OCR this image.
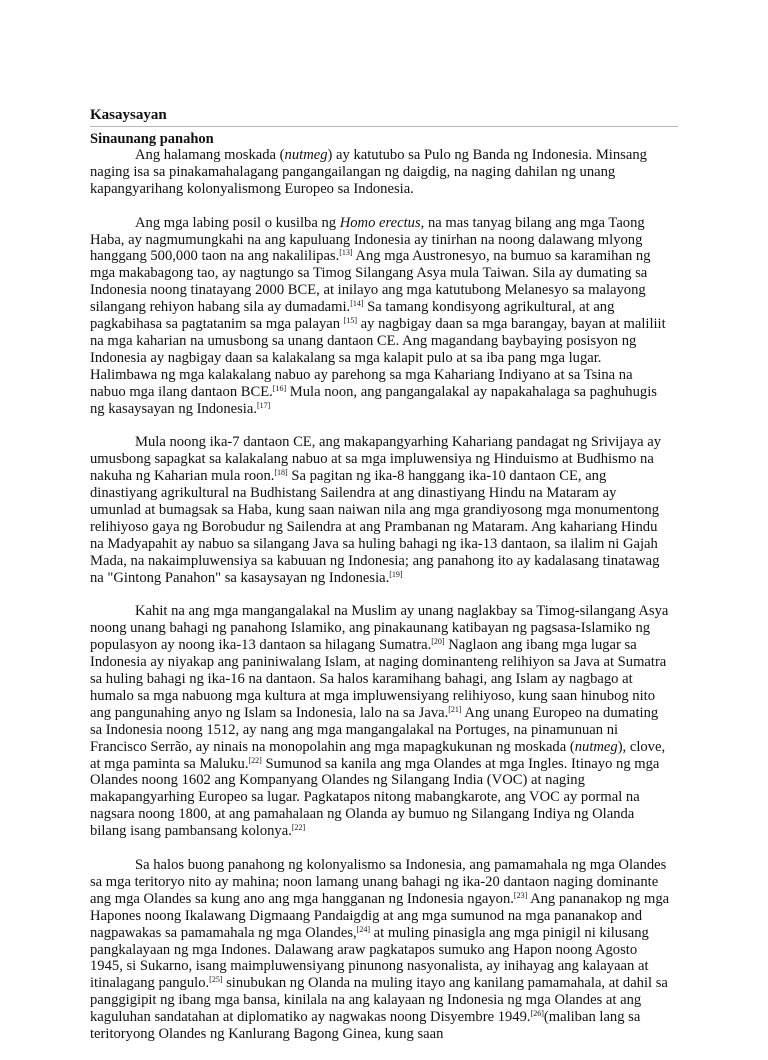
Kasaysayan
Sinaunang panahon

Ang halamang moskada (nutmeg) ay katutubo sa Pulo ng Banda ng Indonesia. Minsang naging isa sa pinakamahalagang pangangailangan ng daigdig, na naging dahilan ng unang kapangyarihang kolonyalismong Europeo sa Indonesia.

Ang mga labing posil o kusilba ng Homo erectus, na mas tanyag bilang ang mga Taong Haba, ay nagmumungkahi na ang kapuluang Indonesia ay tinirhan na noong dalawang mlyong hanggang 500,000 taon na ang nakalilipas.[13] Ang mga Austronesyo, na bumuo sa karamihan ng mga makabagong tao, ay nagtungo sa Timog Silangang Asya mula Taiwan. Sila ay dumating sa Indonesia noong tinatayang 2000 BCE, at inilayo ang mga katutubong Melanesyo sa malayong silangang rehiyon habang sila ay dumadami.[14] Sa tamang kondisyong agrikultural, at ang pagkabihasa sa pagtatanim sa mga palayan [15] ay nagbigay daan sa mga barangay, bayan at maliliit na mga kaharian na umusbong sa unang dantaon CE. Ang magandang baybaying posisyon ng Indonesia ay nagbigay daan sa kalakalang sa mga kalapit pulo at sa iba pang mga lugar. Halimbawa ng mga kalakalang nabuo ay parehong sa mga Kahariang Indiyano at sa Tsina na nabuo mga ilang dantaon BCE.[16] Mula noon, ang pangangalakal ay napakahalaga sa paghuhugis ng kasaysayan ng Indonesia.[17]

Mula noong ika-7 dantaon CE, ang makapangyarhing Kahariang pandagat ng Srivijaya ay umusbong sapagkat sa kalakalang nabuo at sa mga impluwensiya ng Hinduismo at Budhismo na nakuha ng Kaharian mula roon.[18] Sa pagitan ng ika-8 hanggang ika-10 dantaon CE, ang dinastiyang agrikultural na Budhistang Sailendra at ang dinastiyang Hindu na Mataram ay umunlad at bumagsak sa Haba, kung saan naiwan nila ang mga grandiyosong mga monumentong relihiyoso gaya ng Borobudur ng Sailendra at ang Prambanan ng Mataram. Ang kahariang Hindu na Madyapahit ay nabuo sa silangang Java sa huling bahagi ng ika-13 dantaon, sa ilalim ni Gajah Mada, na nakaimpluwensiya sa kabuuan ng Indonesia; ang panahong ito ay kadalasang tinatawag na "Gintong Panahon" sa kasaysayan ng Indonesia.[19]

Kahit na ang mga mangangalakal na Muslim ay unang naglakbay sa Timog-silangang Asya noong unang bahagi ng panahong Islamiko, ang pinakaunang katibayan ng pagsasa-Islamiko ng populasyon ay noong ika-13 dantaon sa hilagang Sumatra.[20] Naglaon ang ibang mga lugar sa Indonesia ay niyakap ang paniniwalang Islam, at naging dominanteng relihiyon sa Java at Sumatra sa huling bahagi ng ika-16 na dantaon. Sa halos karamihang bahagi, ang Islam ay nagbago at humalo sa mga nabuong mga kultura at mga impluwensiyang relihiyoso, kung saan hinubog nito ang pangunahing anyo ng Islam sa Indonesia, lalo na sa Java.[21] Ang unang Europeo na dumating sa Indonesia noong 1512, ay nang ang mga mangangalakal na Portuges, na pinamunuan ni Francisco Serrão, ay ninais na monopolahin ang mga mapagkukunan ng moskada (nutmeg), clove, at mga paminta sa Maluku.[22] Sumunod sa kanila ang mga Olandes at mga Ingles. Itinayo ng mga Olandes noong 1602 ang Kompanyang Olandes ng Silangang India (VOC) at naging makapangyarhing Europeo sa lugar. Pagkatapos nitong mabangkarote, ang VOC ay pormal na nagsara noong 1800, at ang pamahalaan ng Olanda ay bumuo ng Silangang Indiya ng Olanda bilang isang pambansang kolonya.[22]

Sa halos buong panahong ng kolonyalismo sa Indonesia, ang pamamahala ng mga Olandes sa mga teritoryo nito ay mahina; noon lamang unang bahagi ng ika-20 dantaon naging dominante ang mga Olandes sa kung ano ang mga hangganan ng Indonesia ngayon.[23] Ang pananakop ng mga Hapones noong Ikalawang Digmaang Pandaigdig at ang mga sumunod na mga pananakop and nagpawakas sa pamamahala ng mga Olandes,[24] at muling pinasigla ang mga pinigil ni kilusang pangkalayaan ng mga Indones. Dalawang araw pagkatapos sumuko ang Hapon noong Agosto 1945, si Sukarno, isang maimpluwensiyang pinunong nasyonalista, ay inihayag ang kalayaan at itinalagang pangulo.[25] sinubukan ng Olanda na muling itayo ang kanilang pamamahala, at dahil sa panggigipit ng ibang mga bansa, kinilala na ang kalayaan ng Indonesia ng mga Olandes at ang kaguluhan sandatahan at diplomatiko ay nagwakas noong Disyembre 1949.[26](maliban lang sa teritoryong Olandes ng Kanlurang Bagong Ginea, kung saan
